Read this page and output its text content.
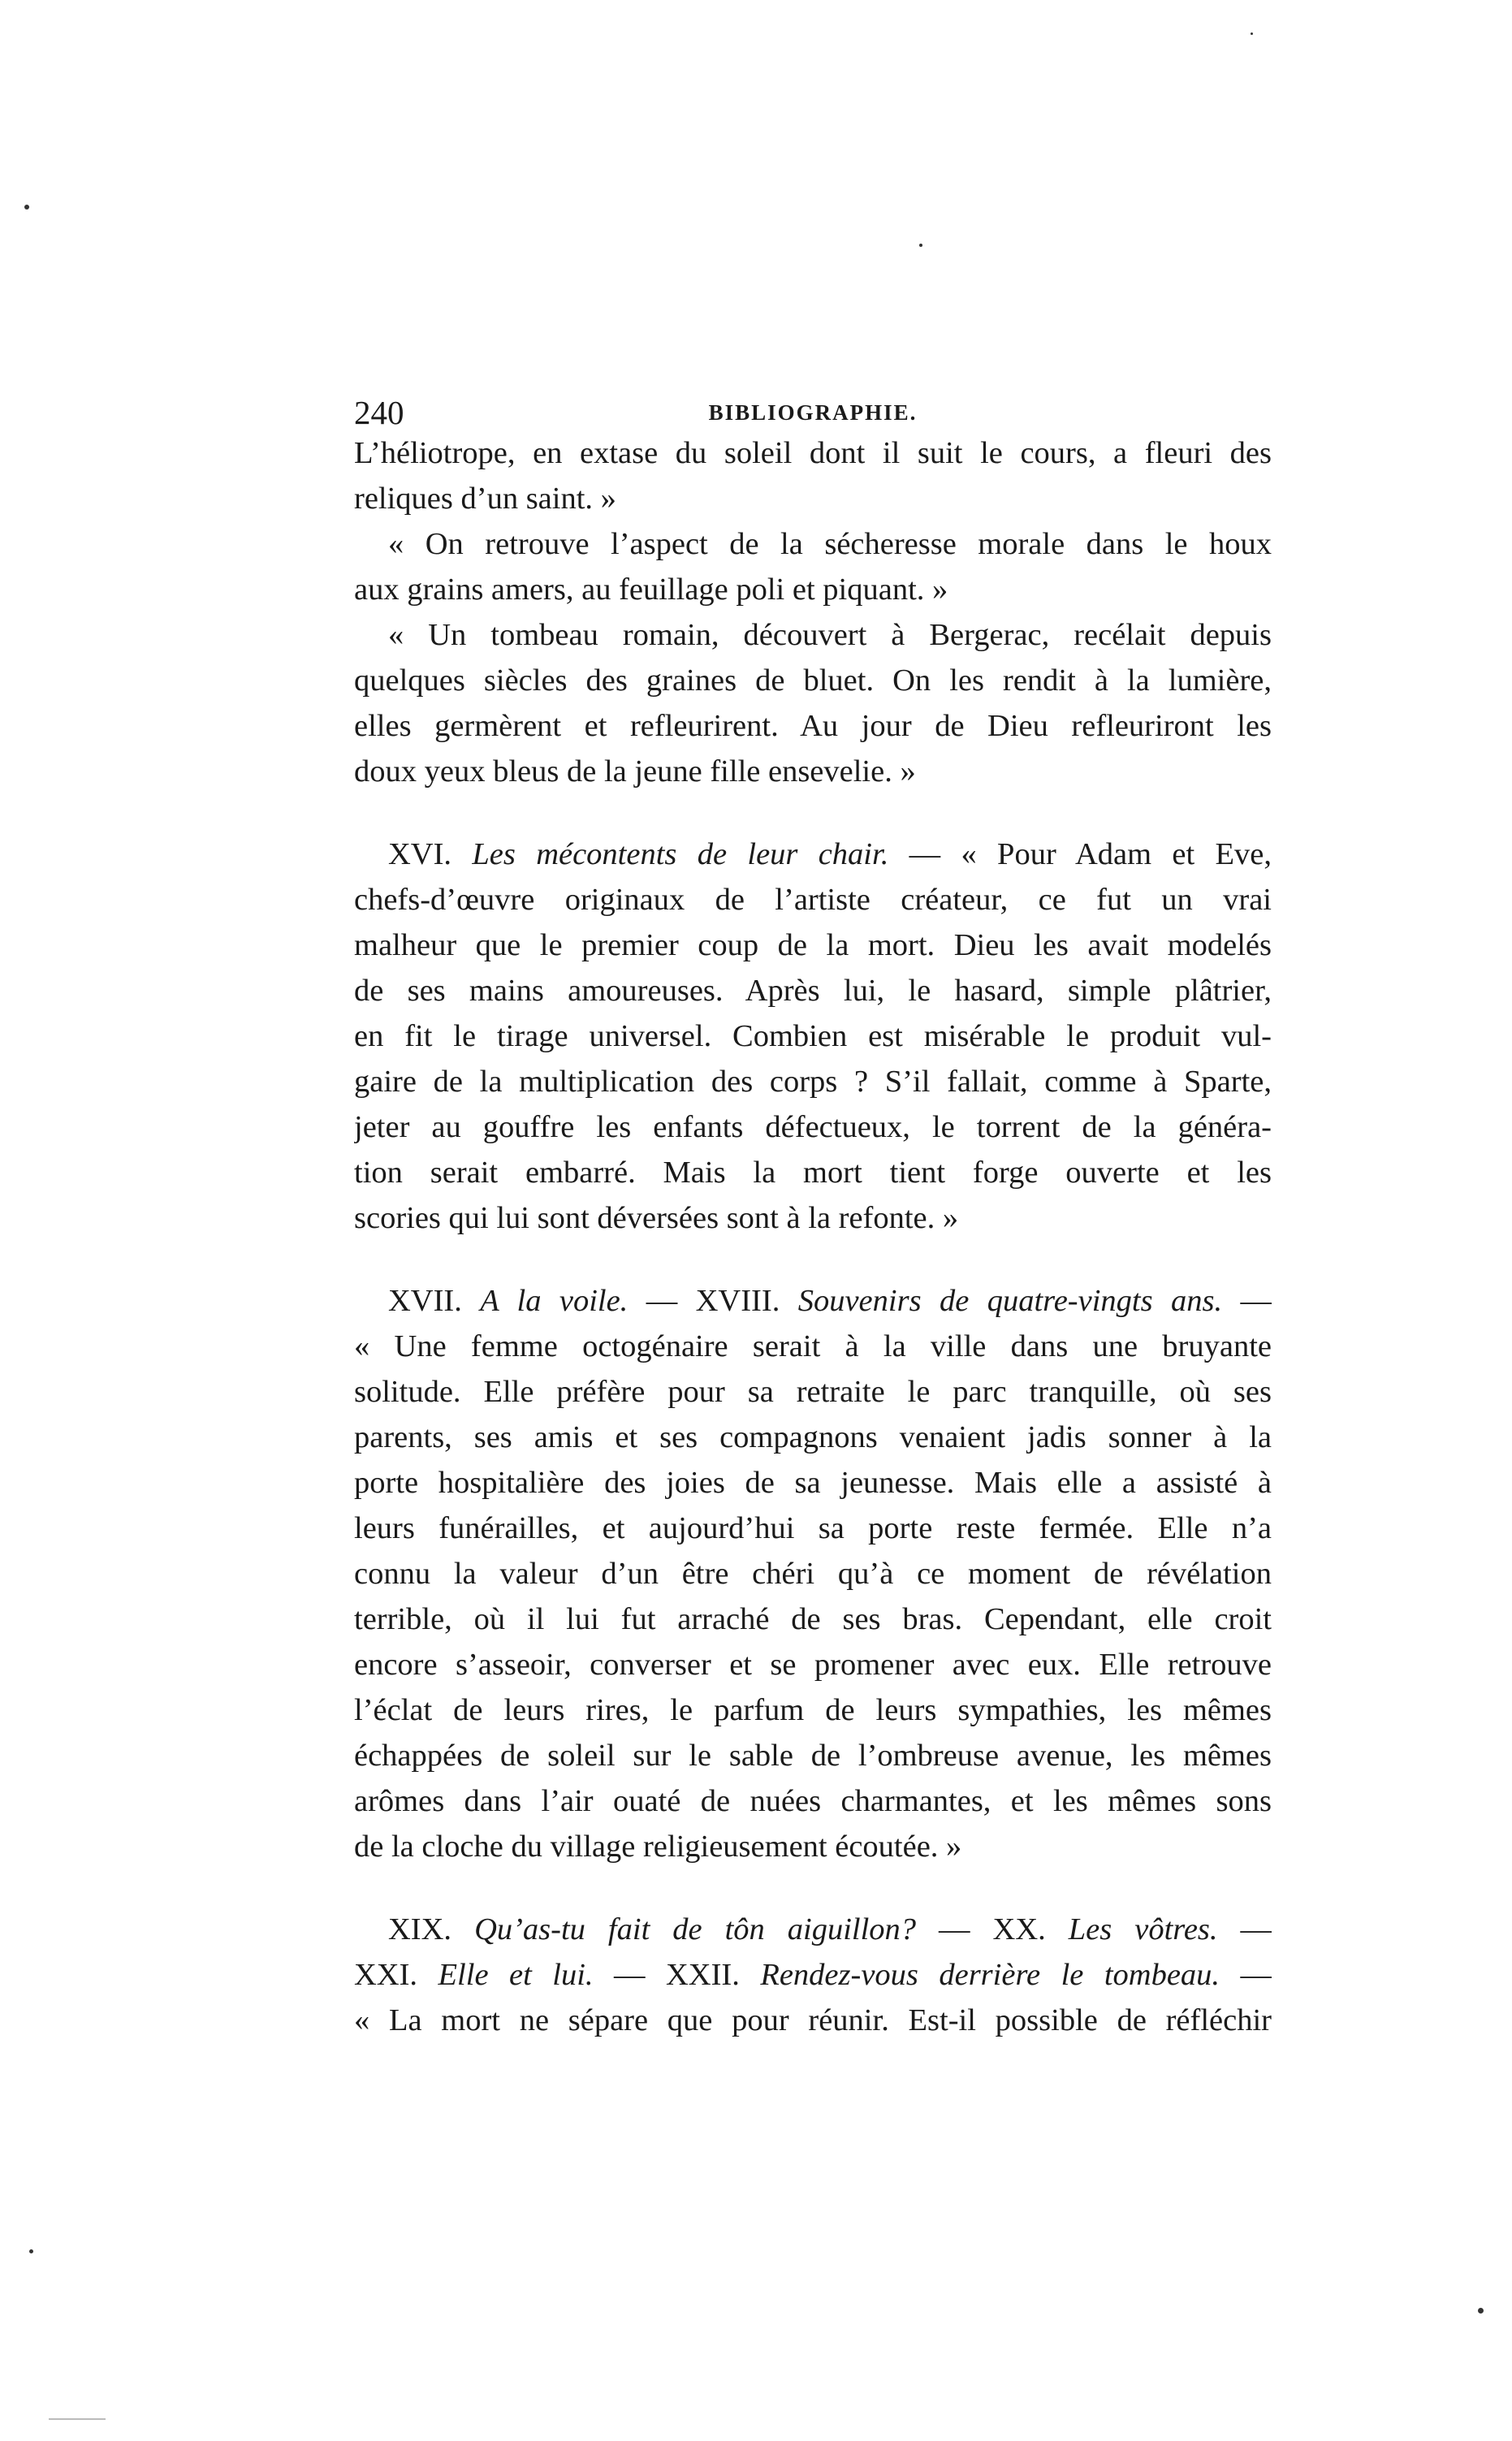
240	BIBLIOGRAPHIE.
L’héliotrope, en extase du soleil dont il suit le cours, a fleuri des
reliques d’un saint. »
« On retrouve l’aspect de la sécheresse morale dans le houx
aux grains amers, au feuillage poli et piquant. »
« Un tombeau romain, découvert à Bergerac, recélait depuis
quelques siècles des graines de bluet. On les rendit à la lumière,
elles germèrent et refleurirent. Au jour de Dieu refleuriront les
doux yeux bleus de la jeune fille ensevelie. »
XVI. Les mécontents de leur chair. — « Pour Adam et Eve,
chefs-d’œuvre originaux de l’artiste créateur, ce fut un vrai
malheur que le premier coup de la mort. Dieu les avait modelés
de ses mains amoureuses. Après lui, le hasard, simple plâtrier,
en fit le tirage universel. Combien est misérable le produit vul-
gaire de la multiplication des corps ? S’il fallait, comme à Sparte,
jeter au gouffre les enfants défectueux, le torrent de la généra-
tion serait embarré. Mais la mort tient forge ouverte et les
scories qui lui sont déversées sont à la refonte. »
XVII. A la voile. — XVIII. Souvenirs de quatre-vingts ans. —
« Une femme octogénaire serait à la ville dans une bruyante
solitude. Elle préfère pour sa retraite le parc tranquille, où ses
parents, ses amis et ses compagnons venaient jadis sonner à la
porte hospitalière des joies de sa jeunesse. Mais elle a assisté à
leurs funérailles, et aujourd’hui sa porte reste fermée. Elle n’a
connu la valeur d’un être chéri qu’à ce moment de révélation
terrible, où il lui fut arraché de ses bras. Cependant, elle croit
encore s’asseoir, converser et se promener avec eux. Elle retrouve
l’éclat de leurs rires, le parfum de leurs sympathies, les mêmes
échappées de soleil sur le sable de l’ombreuse avenue, les mêmes
arômes dans l’air ouaté de nuées charmantes, et les mêmes sons
de la cloche du village religieusement écoutée. »
XIX. Qu’as-tu fait de tôn aiguillon? — XX. Les vôtres. —
XXI. Elle et lui. — XXII. Rendez-vous derrière le tombeau. —
« La mort ne sépare que pour réunir. Est-il possible de réfléchir
